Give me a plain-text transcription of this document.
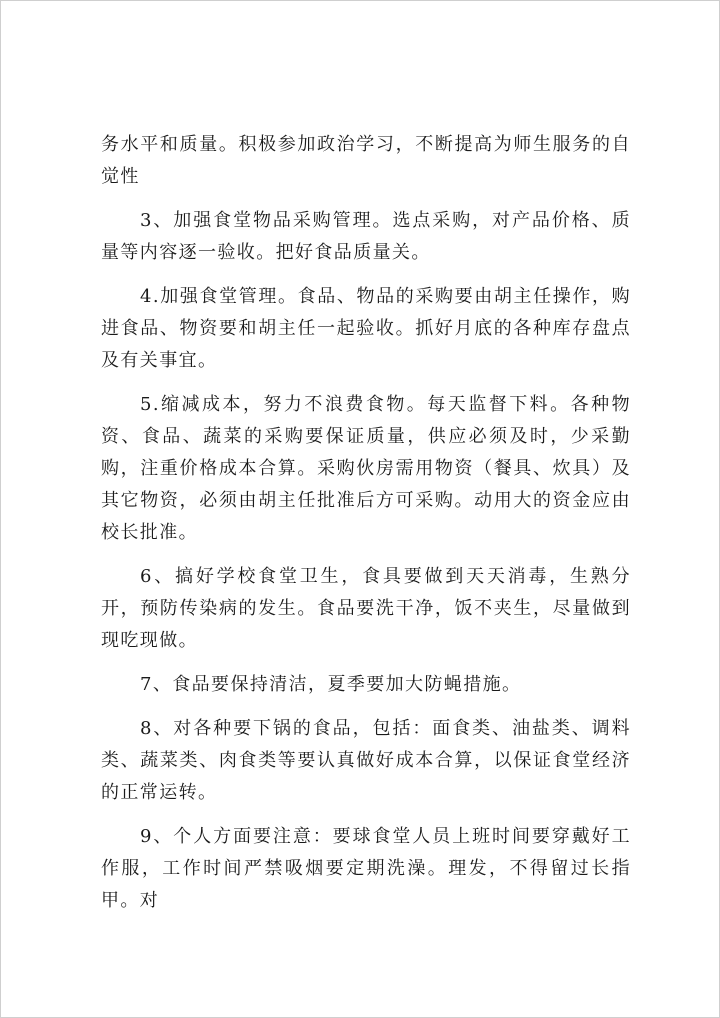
务水平和质量。积极参加政治学习，不断提高为师生服务的自觉性

3、加强食堂物品采购管理。选点采购，对产品价格、质量等内容逐一验收。把好食品质量关。

4.加强食堂管理。食品、物品的采购要由胡主任操作，购进食品、物资要和胡主任一起验收。抓好月底的各种库存盘点及有关事宜。

5.缩减成本，努力不浪费食物。每天监督下料。各种物资、食品、蔬菜的采购要保证质量，供应必须及时，少采勤购，注重价格成本合算。采购伙房需用物资（餐具、炊具）及其它物资，必须由胡主任批准后方可采购。动用大的资金应由校长批准。

6、搞好学校食堂卫生，食具要做到天天消毒，生熟分开，预防传染病的发生。食品要洗干净，饭不夹生，尽量做到现吃现做。

7、食品要保持清洁，夏季要加大防蝇措施。

8、对各种要下锅的食品，包括：面食类、油盐类、调料类、蔬菜类、肉食类等要认真做好成本合算，以保证食堂经济的正常运转。

9、个人方面要注意：要球食堂人员上班时间要穿戴好工作服，工作时间严禁吸烟要定期洗澡。理发，不得留过长指甲。对
